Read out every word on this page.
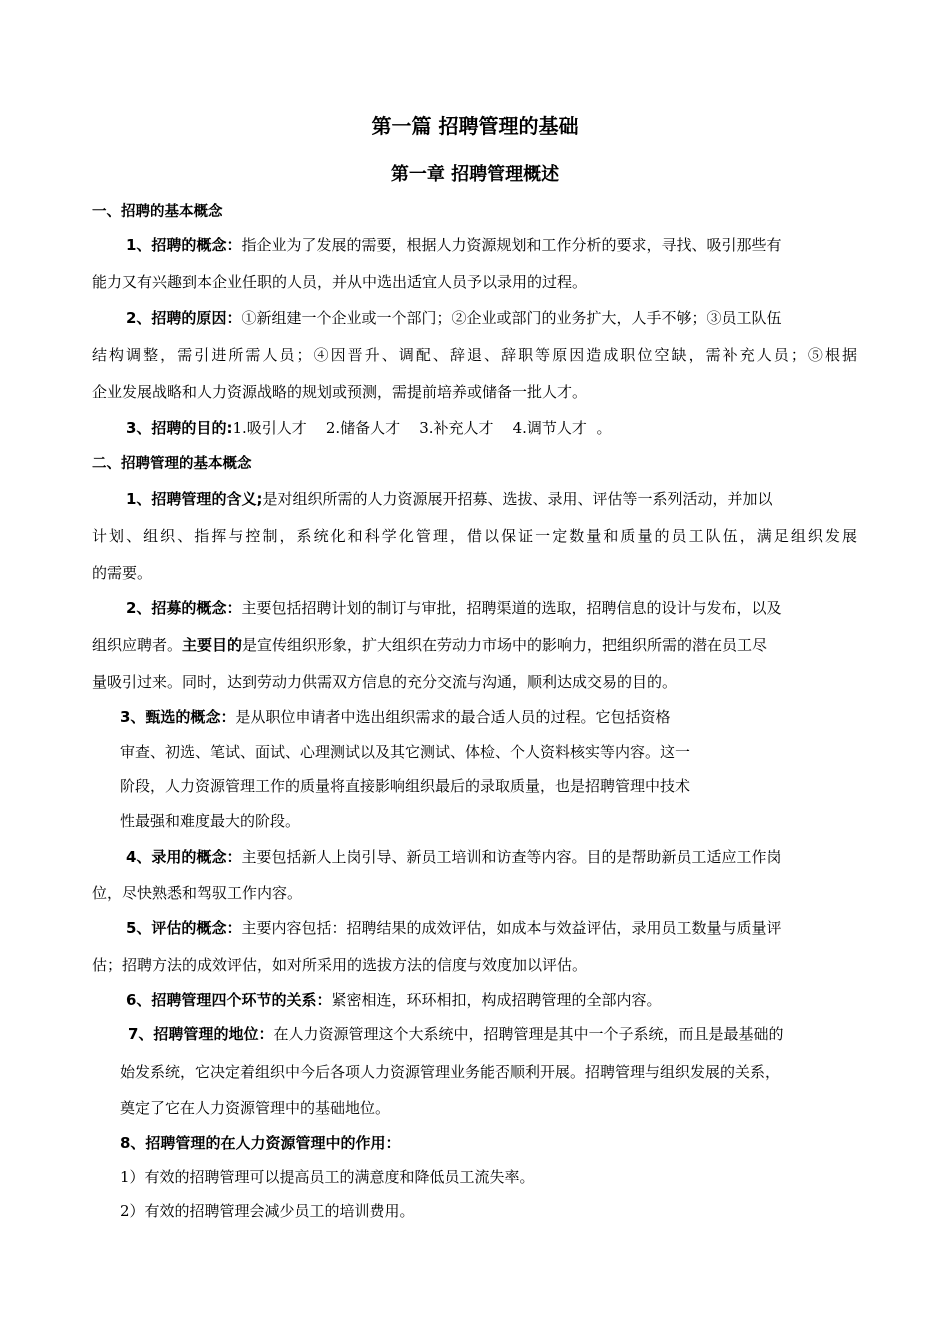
第一篇 招聘管理的基础
第一章 招聘管理概述
一、招聘的基本概念
1、招聘的概念：指企业为了发展的需要，根据人力资源规划和工作分析的要求，寻找、吸引那些有
能力又有兴趣到本企业任职的人员，并从中选出适宜人员予以录用的过程。
2、招聘的原因：①新组建一个企业或一个部门；②企业或部门的业务扩大，人手不够；③员工队伍
结构调整，需引进所需人员；④因晋升、调配、辞退、辞职等原因造成职位空缺，需补充人员；⑤根据
企业发展战略和人力资源战略的规划或预测，需提前培养或储备一批人才。
3、招聘的目的:1.吸引人才    2.储备人才    3.补充人才    4.调节人才  。
二、招聘管理的基本概念
1、招聘管理的含义;是对组织所需的人力资源展开招募、选拔、录用、评估等一系列活动，并加以
计划、组织、指挥与控制，系统化和科学化管理，借以保证一定数量和质量的员工队伍，满足组织发展
的需要。
2、招募的概念：主要包括招聘计划的制订与审批，招聘渠道的选取，招聘信息的设计与发布，以及
组织应聘者。主要目的是宣传组织形象，扩大组织在劳动力市场中的影响力，把组织所需的潜在员工尽
量吸引过来。同时，达到劳动力供需双方信息的充分交流与沟通，顺利达成交易的目的。
3、甄选的概念：是从职位申请者中选出组织需求的最合适人员的过程。它包括资格
审查、初选、笔试、面试、心理测试以及其它测试、体检、个人资料核实等内容。这一
阶段，人力资源管理工作的质量将直接影响组织最后的录取质量，也是招聘管理中技术
性最强和难度最大的阶段。
4、录用的概念：主要包括新人上岗引导、新员工培训和访查等内容。目的是帮助新员工适应工作岗
位，尽快熟悉和驾驭工作内容。
5、评估的概念：主要内容包括：招聘结果的成效评估，如成本与效益评估，录用员工数量与质量评
估；招聘方法的成效评估，如对所采用的选拔方法的信度与效度加以评估。
6、招聘管理四个环节的关系：紧密相连，环环相扣，构成招聘管理的全部内容。
7、招聘管理的地位：在人力资源管理这个大系统中，招聘管理是其中一个子系统，而且是最基础的
始发系统，它决定着组织中今后各项人力资源管理业务能否顺利开展。招聘管理与组织发展的关系，
奠定了它在人力资源管理中的基础地位。
8、招聘管理的在人力资源管理中的作用：
1）有效的招聘管理可以提高员工的满意度和降低员工流失率。
2）有效的招聘管理会减少员工的培训费用。
